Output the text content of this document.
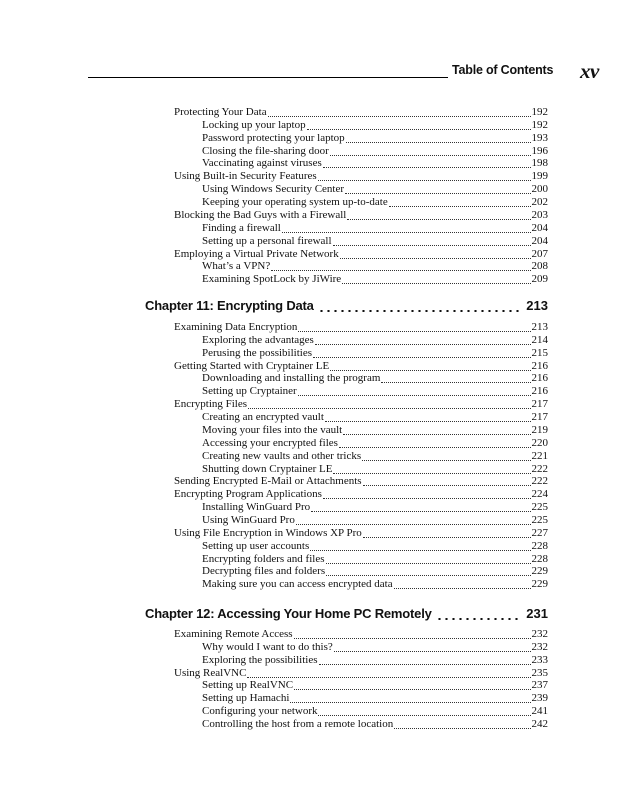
Table of Contents xv
Protecting Your Data	192
Locking up your laptop	192
Password protecting your laptop	193
Closing the file-sharing door	196
Vaccinating against viruses	198
Using Built-in Security Features	199
Using Windows Security Center	200
Keeping your operating system up-to-date	202
Blocking the Bad Guys with a Firewall	203
Finding a firewall	204
Setting up a personal firewall	204
Employing a Virtual Private Network	207
What’s a VPN?	208
Examining SpotLock by JiWire	209
Chapter 11: Encrypting Data	213
Examining Data Encryption	213
Exploring the advantages	214
Perusing the possibilities	215
Getting Started with Cryptainer LE	216
Downloading and installing the program	216
Setting up Cryptainer	216
Encrypting Files	217
Creating an encrypted vault	217
Moving your files into the vault	219
Accessing your encrypted files	220
Creating new vaults and other tricks	221
Shutting down Cryptainer LE	222
Sending Encrypted E-Mail or Attachments	222
Encrypting Program Applications	224
Installing WinGuard Pro	225
Using WinGuard Pro	225
Using File Encryption in Windows XP Pro	227
Setting up user accounts	228
Encrypting folders and files	228
Decrypting files and folders	229
Making sure you can access encrypted data	229
Chapter 12: Accessing Your Home PC Remotely	231
Examining Remote Access	232
Why would I want to do this?	232
Exploring the possibilities	233
Using RealVNC	235
Setting up RealVNC	237
Setting up Hamachi	239
Configuring your network	241
Controlling the host from a remote location	242
